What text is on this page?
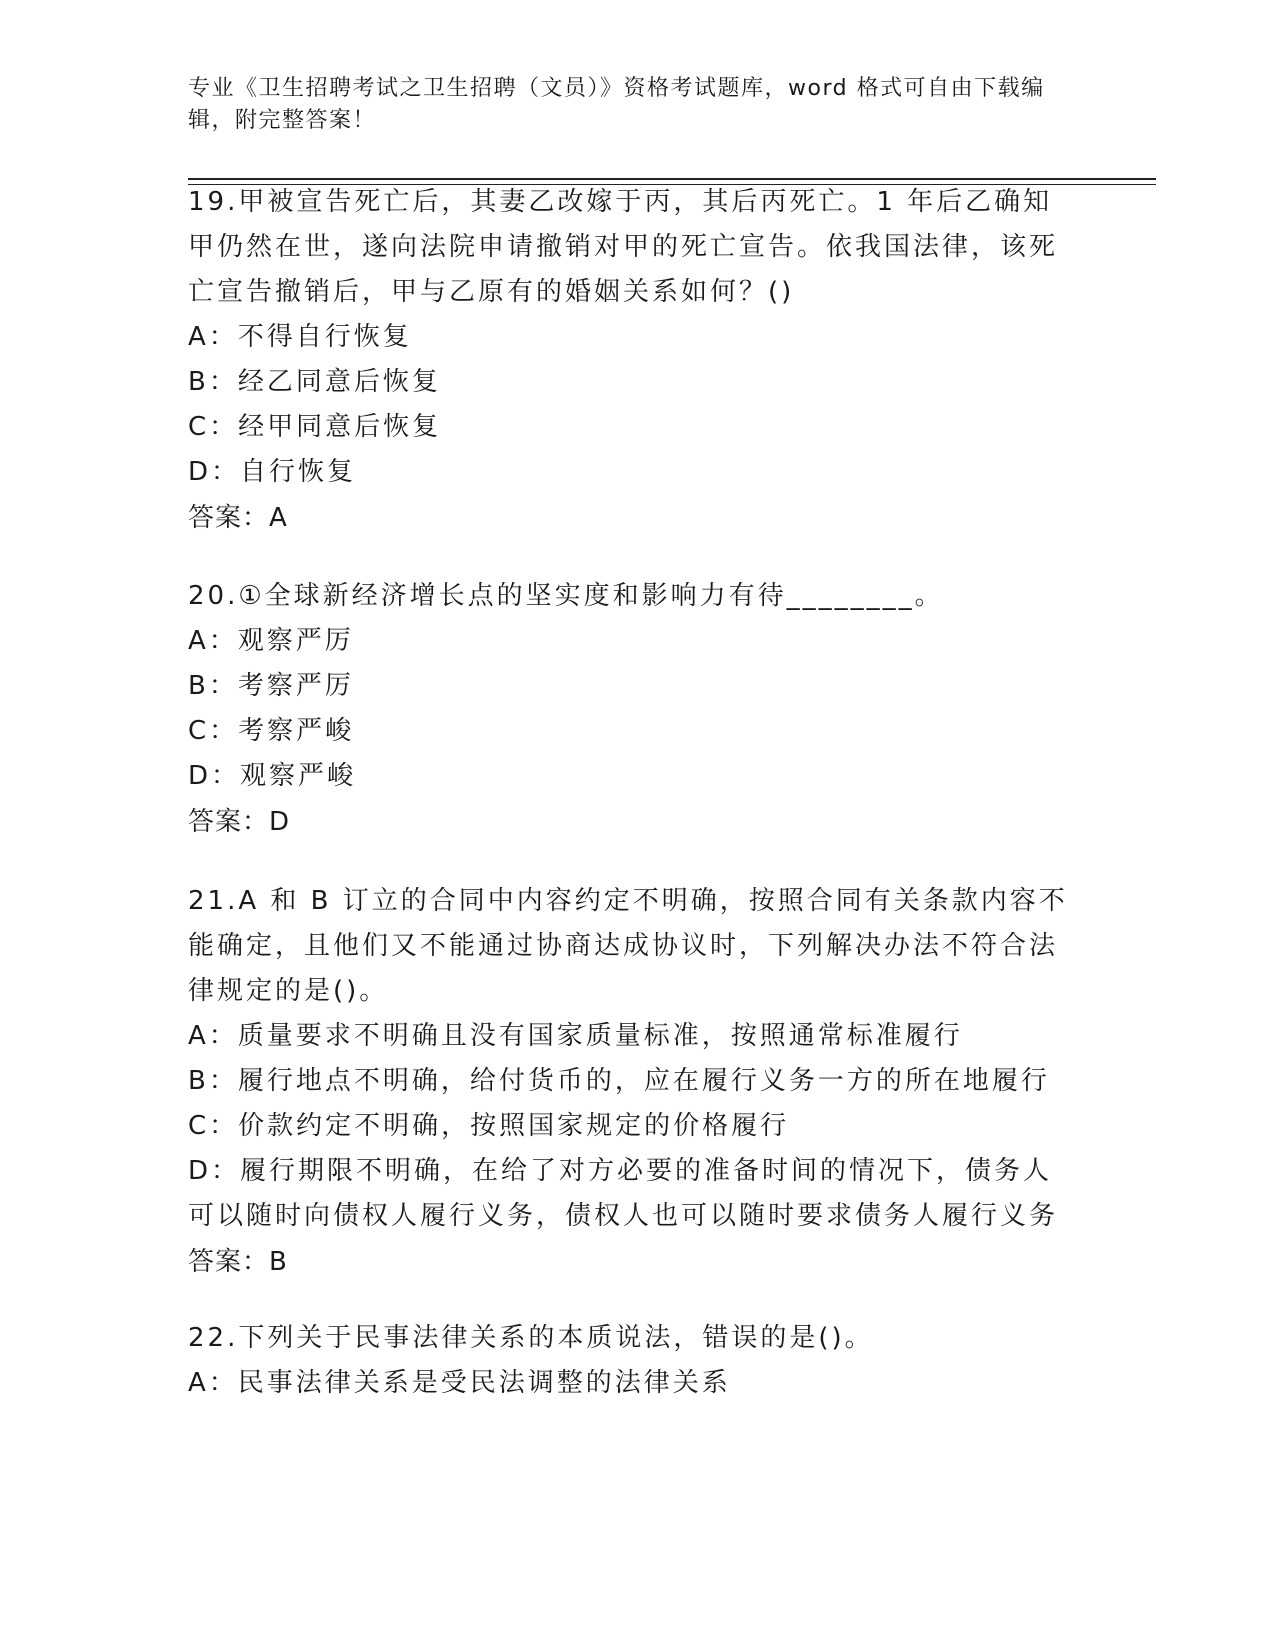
专业《卫生招聘考试之卫生招聘（文员）》资格考试题库，word 格式可自由下载编辑，附完整答案！

19.甲被宣告死亡后，其妻乙改嫁于丙，其后丙死亡。1 年后乙确知甲仍然在世，遂向法院申请撤销对甲的死亡宣告。依我国法律，该死亡宣告撤销后，甲与乙原有的婚姻关系如何？()

A：不得自行恢复

B：经乙同意后恢复

C：经甲同意后恢复

D：自行恢复

答案：A

20.①全球新经济增长点的坚实度和影响力有待________。

A：观察严厉

B：考察严厉

C：考察严峻

D：观察严峻

答案：D

21.A 和 B 订立的合同中内容约定不明确，按照合同有关条款内容不能确定，且他们又不能通过协商达成协议时，下列解决办法不符合法律规定的是()。

A：质量要求不明确且没有国家质量标准，按照通常标准履行

B：履行地点不明确，给付货币的，应在履行义务一方的所在地履行

C：价款约定不明确，按照国家规定的价格履行

D：履行期限不明确，在给了对方必要的准备时间的情况下，债务人可以随时向债权人履行义务，债权人也可以随时要求债务人履行义务

答案：B

22.下列关于民事法律关系的本质说法，错误的是()。

A：民事法律关系是受民法调整的法律关系
